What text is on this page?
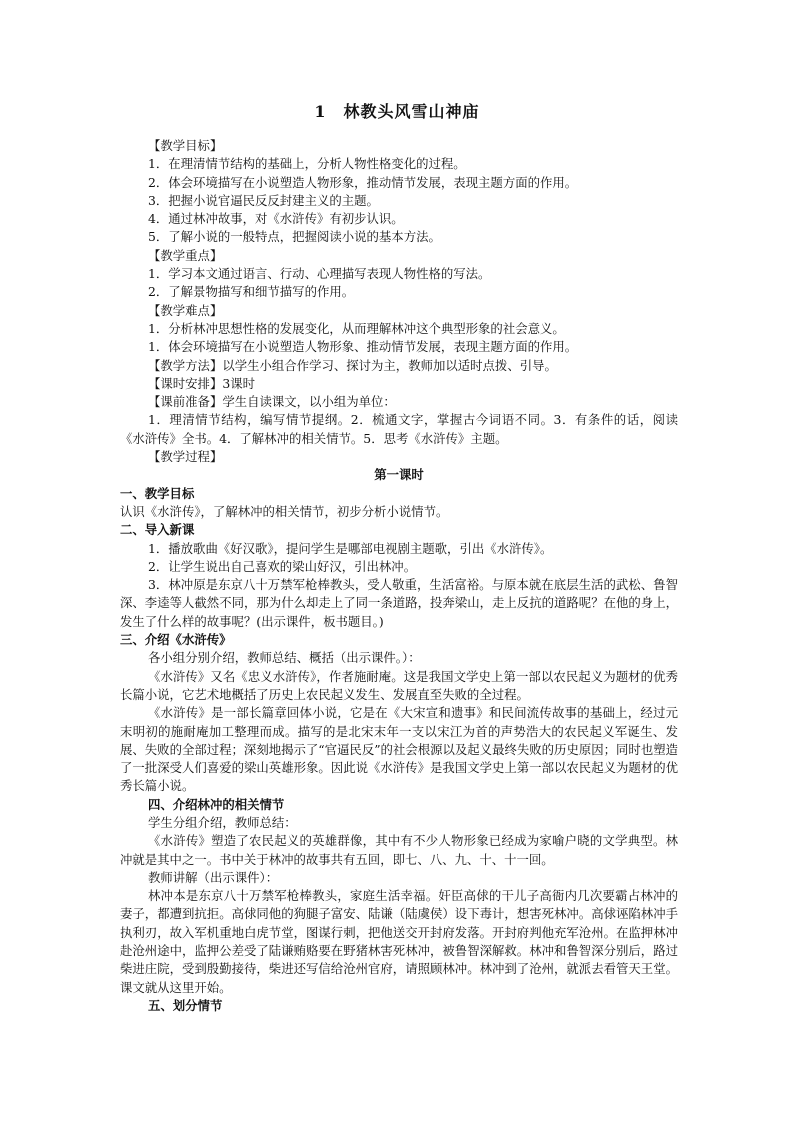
1　林教头风雪山神庙
【教学目标】
1．在理清情节结构的基础上，分析人物性格变化的过程。
2．体会环境描写在小说塑造人物形象，推动情节发展，表现主题方面的作用。
3．把握小说官逼民反反封建主义的主题。
4．通过林冲故事，对《水浒传》有初步认识。
5．了解小说的一般特点，把握阅读小说的基本方法。
【教学重点】
1．学习本文通过语言、行动、心理描写表现人物性格的写法。
2．了解景物描写和细节描写的作用。
【教学难点】
1．分析林冲思想性格的发展变化，从而理解林冲这个典型形象的社会意义。
1．体会环境描写在小说塑造人物形象、推动情节发展，表现主题方面的作用。
【教学方法】以学生小组合作学习、探讨为主，教师加以适时点拨、引导。
【课时安排】3课时
【课前准备】学生自读课文，以小组为单位：

1．理清情节结构，编写情节提纲。2．梳通文字，掌握古今词语不同。3．有条件的话，阅读《水浒传》全书。4．了解林冲的相关情节。5．思考《水浒传》主题。

【教学过程】
第一课时
一、教学目标
认识《水浒传》，了解林冲的相关情节，初步分析小说情节。
二、导入新课
1．播放歌曲《好汉歌》，提问学生是哪部电视剧主题歌，引出《水浒传》。
2．让学生说出自己喜欢的梁山好汉，引出林冲。

3．林冲原是东京八十万禁军枪棒教头，受人敬重，生活富裕。与原本就在底层生活的武松、鲁智深、李逵等人截然不同，那为什么却走上了同一条道路，投奔梁山，走上反抗的道路呢？在他的身上，发生了什么样的故事呢？(出示课件，板书题目。)

三、介绍《水浒传》
各小组分别介绍，教师总结、概括（出示课件。）：

《水浒传》又名《忠义水浒传》，作者施耐庵。这是我国文学史上第一部以农民起义为题材的优秀长篇小说，它艺术地概括了历史上农民起义发生、发展直至失败的全过程。

《水浒传》是一部长篇章回体小说，它是在《大宋宣和遗事》和民间流传故事的基础上，经过元末明初的施耐庵加工整理而成。描写的是北宋末年一支以宋江为首的声势浩大的农民起义军诞生、发展、失败的全部过程；深刻地揭示了“官逼民反”的社会根源以及起义最终失败的历史原因；同时也塑造了一批深受人们喜爱的梁山英雄形象。因此说《水浒传》是我国文学史上第一部以农民起义为题材的优秀长篇小说。

四、介绍林冲的相关情节
学生分组介绍，教师总结：

《水浒传》塑造了农民起义的英雄群像，其中有不少人物形象已经成为家喻户晓的文学典型。林冲就是其中之一。书中关于林冲的故事共有五回，即七、八、九、十、十一回。

教师讲解（出示课件）：

林冲本是东京八十万禁军枪棒教头，家庭生活幸福。奸臣高俅的干儿子高衙内几次要霸占林冲的妻子，都遭到抗拒。高俅同他的狗腿子富安、陆谦（陆虞侯）设下毒计，想害死林冲。高俅诬陷林冲手执利刃，故入军机重地白虎节堂，图谋行刺，把他送交开封府发落。开封府判他充军沧州。在监押林冲赴沧州途中，监押公差受了陆谦贿赂要在野猪林害死林冲，被鲁智深解救。林冲和鲁智深分别后，路过柴进庄院，受到殷勤接待，柴进还写信给沧州官府，请照顾林冲。林冲到了沧州，就派去看管天王堂。课文就从这里开始。

五、划分情节
